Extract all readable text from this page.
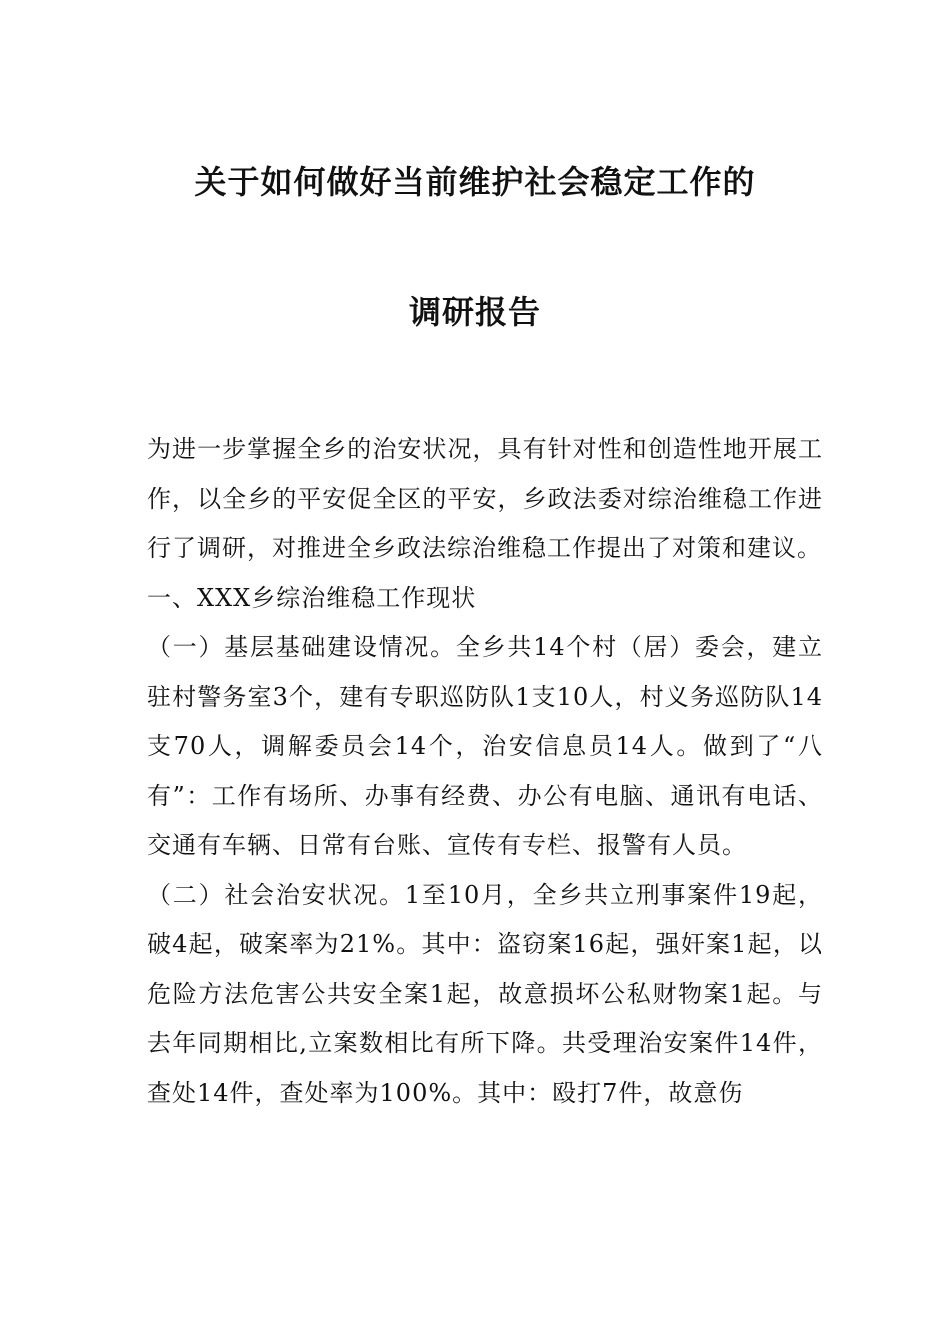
关于如何做好当前维护社会稳定工作的
调研报告

为进一步掌握全乡的治安状况，具有针对性和创造性地开展工作，以全乡的平安促全区的平安，乡政法委对综治维稳工作进行了调研，对推进全乡政法综治维稳工作提出了对策和建议。

一、XXX乡综治维稳工作现状

（一）基层基础建设情况。全乡共14个村（居）委会，建立驻村警务室3个，建有专职巡防队1支10人，村义务巡防队14支70人，调解委员会14个，治安信息员14人。做到了“八有”：工作有场所、办事有经费、办公有电脑、通讯有电话、交通有车辆、日常有台账、宣传有专栏、报警有人员。

（二）社会治安状况。1至10月，全乡共立刑事案件19起，破4起，破案率为21%。其中：盗窃案16起，强奸案1起，以危险方法危害公共安全案1起，故意损坏公私财物案1起。与去年同期相比,立案数相比有所下降。共受理治安案件14件，查处14件，查处率为100%。其中：殴打7件，故意伤
